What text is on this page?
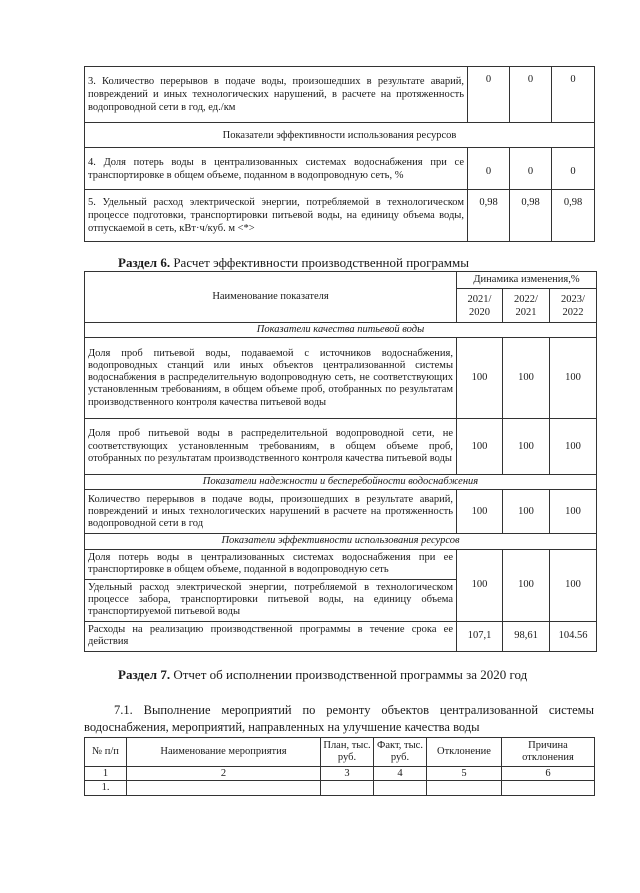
3. Количество перерывов в подаче воды, произошедших в результате аварий, повреждений и иных технологических нарушений, в расчете на протяженность водопроводной сети в год, ед./км	0	0	0
Показатели эффективности использования ресурсов			
4. Доля потерь воды в централизованных системах водоснабжения при се транспортировке в общем объеме, поданном в водопроводную сеть, %	0	0	0
5. Удельный расход электрической энергии, потребляемой в технологическом процессе подготовки, транспортировки питьевой воды, на единицу объема воды, отпускаемой в сеть, кВт·ч/куб. м <*>	0,98	0,98	0,98
Раздел 6. Расчет эффективности производственной программы
Наименование показателя	Динамика изменения,%		
	2021/ 2020	2022/ 2021	2023/ 2022
Показатели качества питьевой воды			
Доля проб питьевой воды, подаваемой с источников водоснабжения, водопроводных станций или иных объектов централизованной системы водоснабжения в распределительную водопроводную сеть, не соответствующих установленным требованиям, в общем объеме проб, отобранных по результатам производственного контроля качества питьевой воды	100	100	100
Доля проб питьевой воды в распределительной водопроводной сети, не соответствующих установленным требованиям, в общем объеме проб, отобранных по результатам производственного контроля качества питьевой воды	100	100	100
Показатели надежности и бесперебойности водоснабжения			
Количество перерывов в подаче воды, произошедших в результате аварий, повреждений и иных технологических нарушений в расчете на протяженность водопроводной сети в год	100	100	100
Показатели эффективности использования ресурсов			
Доля потерь воды в централизованных системах водоснабжения при ее транспортировке в общем объеме, поданной в водопроводную сеть	100	100	100
Удельный расход электрической энергии, потребляемой в технологическом процессе забора, транспортировки питьевой воды, на единицу объема транспортируемой питьевой воды			
Расходы на реализацию производственной программы в течение срока ее действия	107,1	98,61	104.56
Раздел 7. Отчет об исполнении производственной программы за 2020 год
7.1. Выполнение мероприятий по ремонту объектов централизованной системы водоснабжения, мероприятий, направленных на улучшение качества воды
№ п/п	Наименование мероприятия	План, тыс. руб.	Факт, тыс. руб.	Отклонение	Причина отклонения
1	2	3	4	5	6
1.					
